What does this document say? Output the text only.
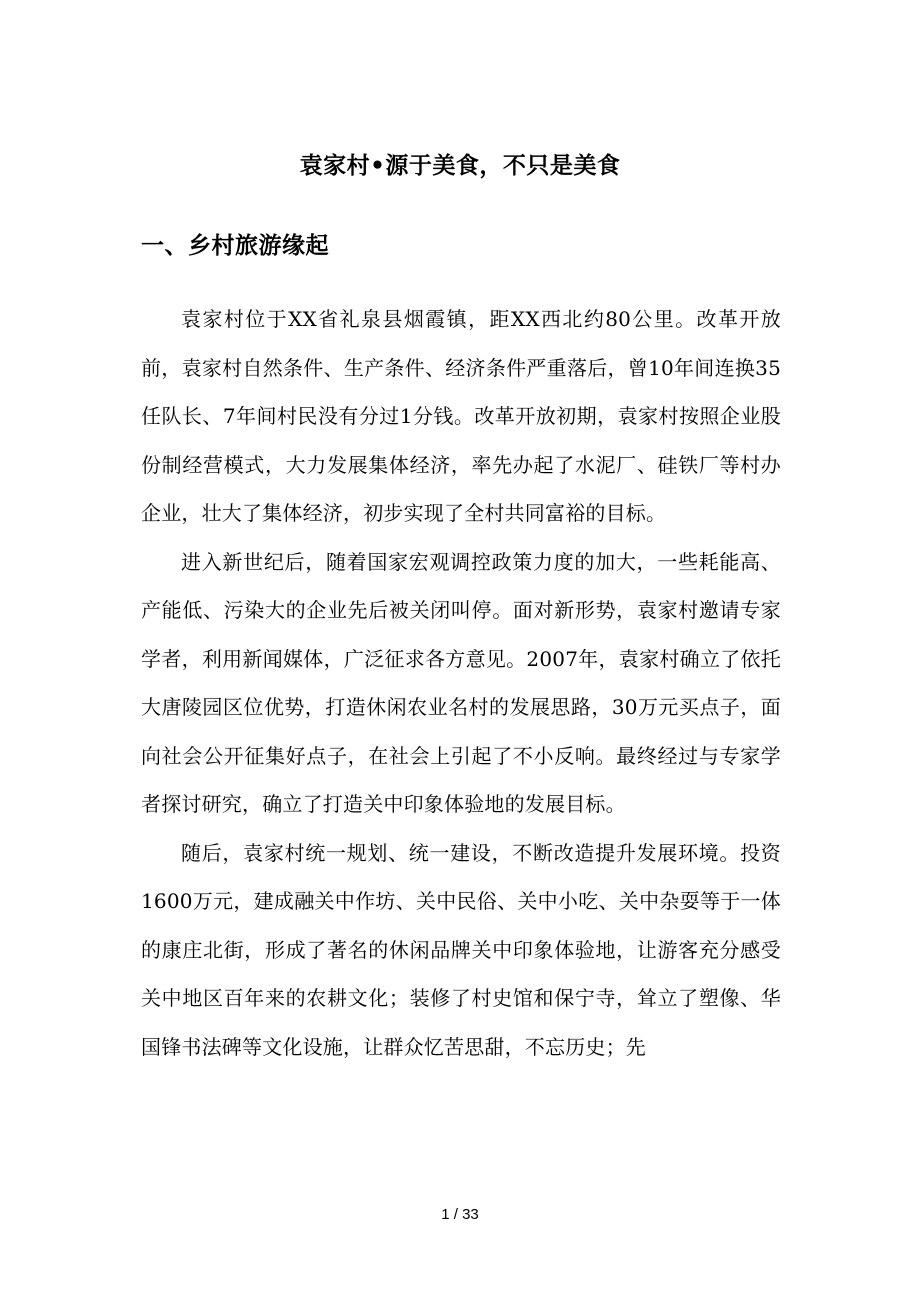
袁家村•源于美食，不只是美食
一、乡村旅游缘起

袁家村位于XX省礼泉县烟霞镇，距XX西北约80公里。改革开放前，袁家村自然条件、生产条件、经济条件严重落后，曾10年间连换35任队长、7年间村民没有分过1分钱。改革开放初期，袁家村按照企业股份制经营模式，大力发展集体经济，率先办起了水泥厂、硅铁厂等村办企业，壮大了集体经济，初步实现了全村共同富裕的目标。

进入新世纪后，随着国家宏观调控政策力度的加大，一些耗能高、产能低、污染大的企业先后被关闭叫停。面对新形势，袁家村邀请专家学者，利用新闻媒体，广泛征求各方意见。2007年，袁家村确立了依托大唐陵园区位优势，打造休闲农业名村的发展思路，30万元买点子，面向社会公开征集好点子，在社会上引起了不小反响。最终经过与专家学者探讨研究，确立了打造关中印象体验地的发展目标。

随后，袁家村统一规划、统一建设，不断改造提升发展环境。投资1600万元，建成融关中作坊、关中民俗、关中小吃、关中杂耍等于一体的康庄北街，形成了著名的休闲品牌关中印象体验地，让游客充分感受关中地区百年来的农耕文化；装修了村史馆和保宁寺，耸立了塑像、华国锋书法碑等文化设施，让群众忆苦思甜，不忘历史；先

1 / 33
